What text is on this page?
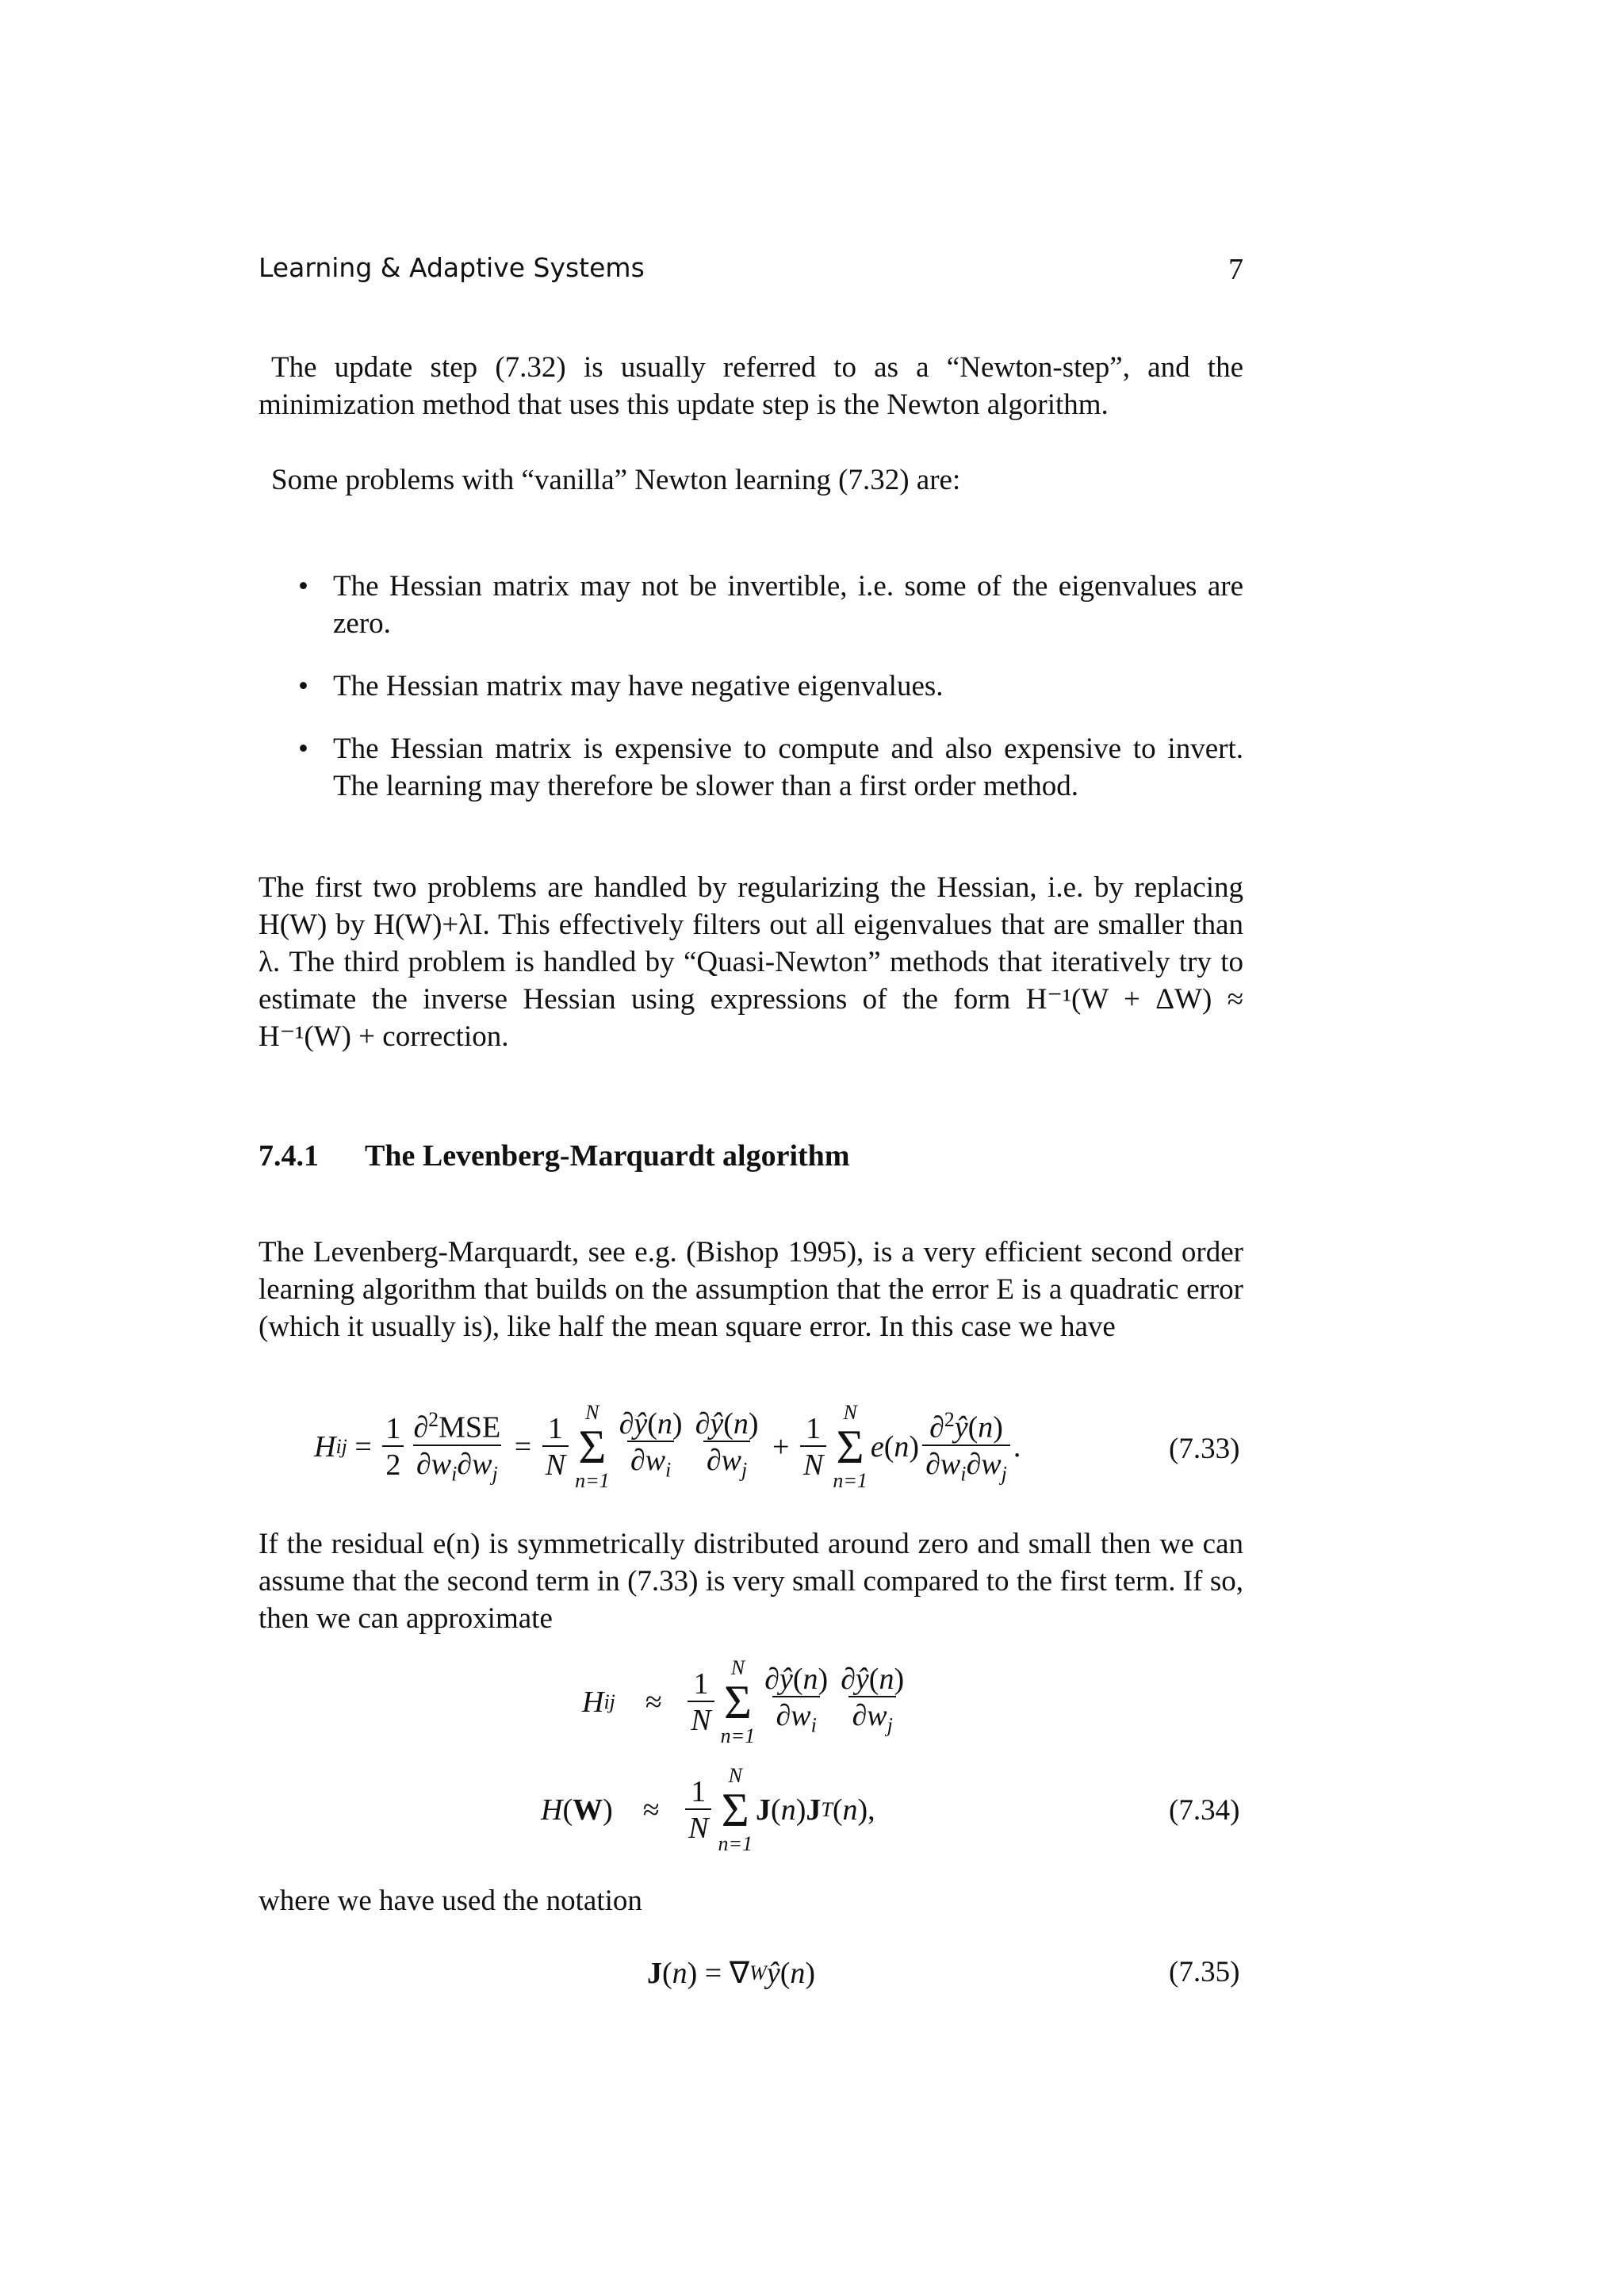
Learning & Adaptive Systems	7

The update step (7.32) is usually referred to as a “Newton-step”, and the minimization method that uses this update step is the Newton algorithm.

Some problems with “vanilla” Newton learning (7.32) are:

• The Hessian matrix may not be invertible, i.e. some of the eigenvalues are zero.
• The Hessian matrix may have negative eigenvalues.
• The Hessian matrix is expensive to compute and also expensive to invert. The learning may therefore be slower than a first order method.

The first two problems are handled by regularizing the Hessian, i.e. by replacing H(W) by H(W)+λI. This effectively filters out all eigenvalues that are smaller than λ. The third problem is handled by “Quasi-Newton” methods that iteratively try to estimate the inverse Hessian using expressions of the form H⁻¹(W + ΔW) ≈ H⁻¹(W) + correction.

7.4.1 The Levenberg-Marquardt algorithm

The Levenberg-Marquardt, see e.g. (Bishop 1995), is a very efficient second order learning algorithm that builds on the assumption that the error E is a quadratic error (which it usually is), like half the mean square error. In this case we have

H ij = $\frac{1}{2} \frac{\partial^2MSE}{\partial w_i\partial w_j} = \frac{1}{N}$ N
Σ
$n=1 \frac{\partial ŷ(n)}{\partial w_i} \frac{\partial ŷ(n)}{\partial w_j} + \frac{1}{N}$ N
Σ
n=1
e ( n ) $\frac{\partial^2ŷ(n)}{\partial w_i\partial w_j}$ .	(7.33)

If the residual e(n) is symmetrically distributed around zero and small then we can assume that the second term in (7.33) is very small compared to the first term. If so, then we can approximate

H ij ≈ $\frac{1}{N}$ N
Σ
$n=1 \frac{\partial ŷ(n)}{\partial w_i} \frac{\partial ŷ(n)}{\partial w_j}$
H ( W )    ≈ $\frac{1}{N}$ N
Σ
n=1
J ( n ) J T ( n ),	(7.34)

where we have used the notation

J ( n ) = ∇ W ŷ ( n )	(7.35)
